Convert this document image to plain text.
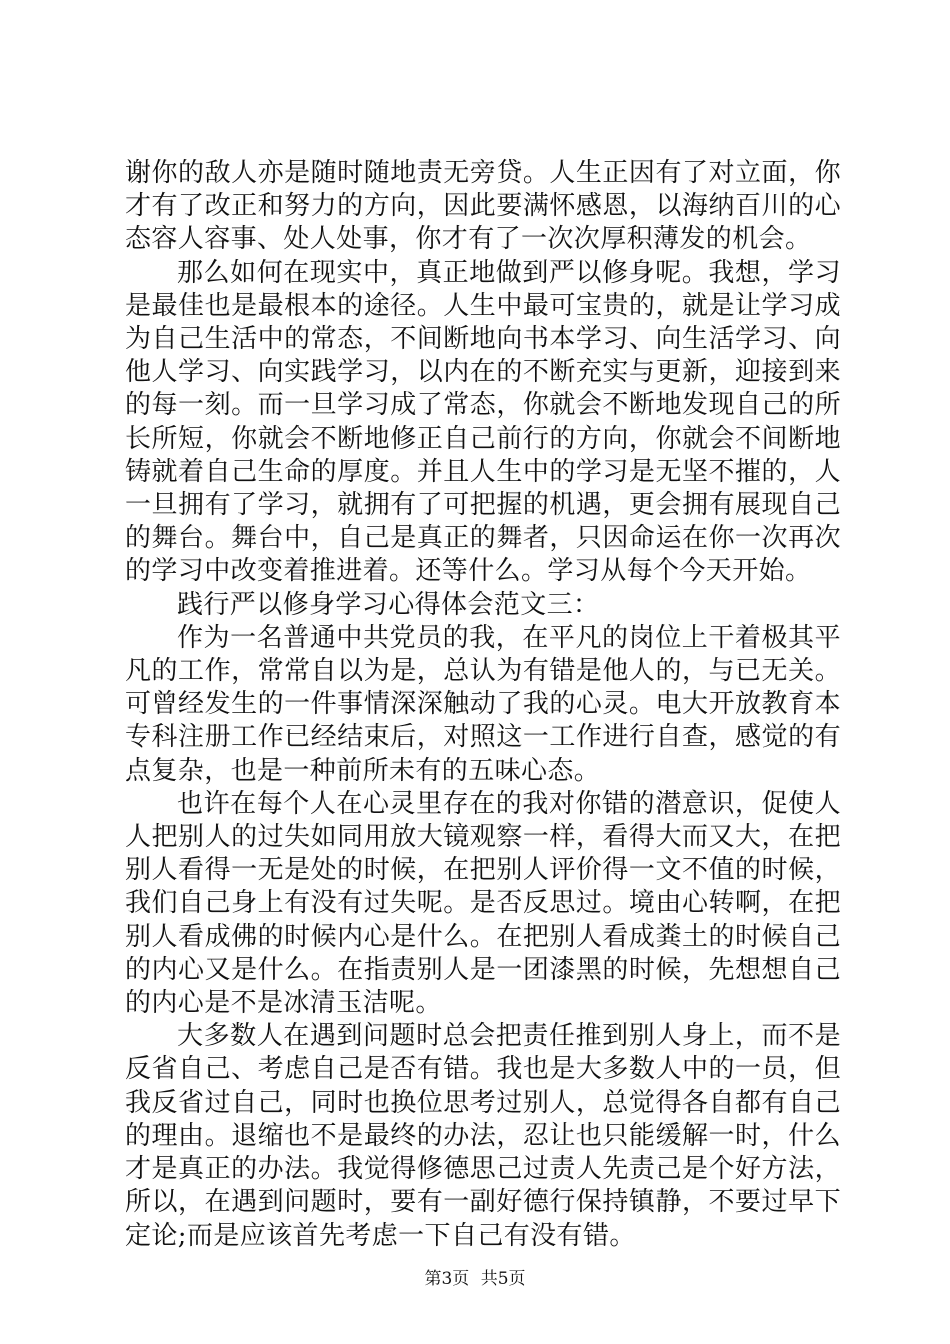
谢你的敌人亦是随时随地责无旁贷。人生正因有了对立面，你才有了改正和努力的方向，因此要满怀感恩，以海纳百川的心态容人容事、处人处事，你才有了一次次厚积薄发的机会。

那么如何在现实中，真正地做到严以修身呢。我想，学习是最佳也是最根本的途径。人生中最可宝贵的，就是让学习成为自己生活中的常态，不间断地向书本学习、向生活学习、向他人学习、向实践学习，以内在的不断充实与更新，迎接到来的每一刻。而一旦学习成了常态，你就会不断地发现自己的所长所短，你就会不断地修正自己前行的方向，你就会不间断地铸就着自己生命的厚度。并且人生中的学习是无坚不摧的，人一旦拥有了学习，就拥有了可把握的机遇，更会拥有展现自己的舞台。舞台中，自己是真正的舞者，只因命运在你一次再次的学习中改变着推进着。还等什么。学习从每个今天开始。

践行严以修身学习心得体会范文三：

作为一名普通中共党员的我，在平凡的岗位上干着极其平凡的工作，常常自以为是，总认为有错是他人的，与已无关。可曾经发生的一件事情深深触动了我的心灵。电大开放教育本专科注册工作已经结束后，对照这一工作进行自查，感觉的有点复杂，也是一种前所未有的五味心态。

也许在每个人在心灵里存在的我对你错的潜意识，促使人人把别人的过失如同用放大镜观察一样，看得大而又大，在把别人看得一无是处的时候，在把别人评价得一文不值的时候，我们自己身上有没有过失呢。是否反思过。境由心转啊，在把别人看成佛的时候内心是什么。在把别人看成粪土的时候自己的内心又是什么。在指责别人是一团漆黑的时候，先想想自己的内心是不是冰清玉洁呢。

大多数人在遇到问题时总会把责任推到别人身上，而不是反省自己、考虑自己是否有错。我也是大多数人中的一员，但我反省过自己，同时也换位思考过别人，总觉得各自都有自己的理由。退缩也不是最终的办法，忍让也只能缓解一时，什么才是真正的办法。我觉得修德思己过责人先责己是个好方法，所以，在遇到问题时，要有一副好德行保持镇静，不要过早下定论;而是应该首先考虑一下自己有没有错。

第3页 共5页
